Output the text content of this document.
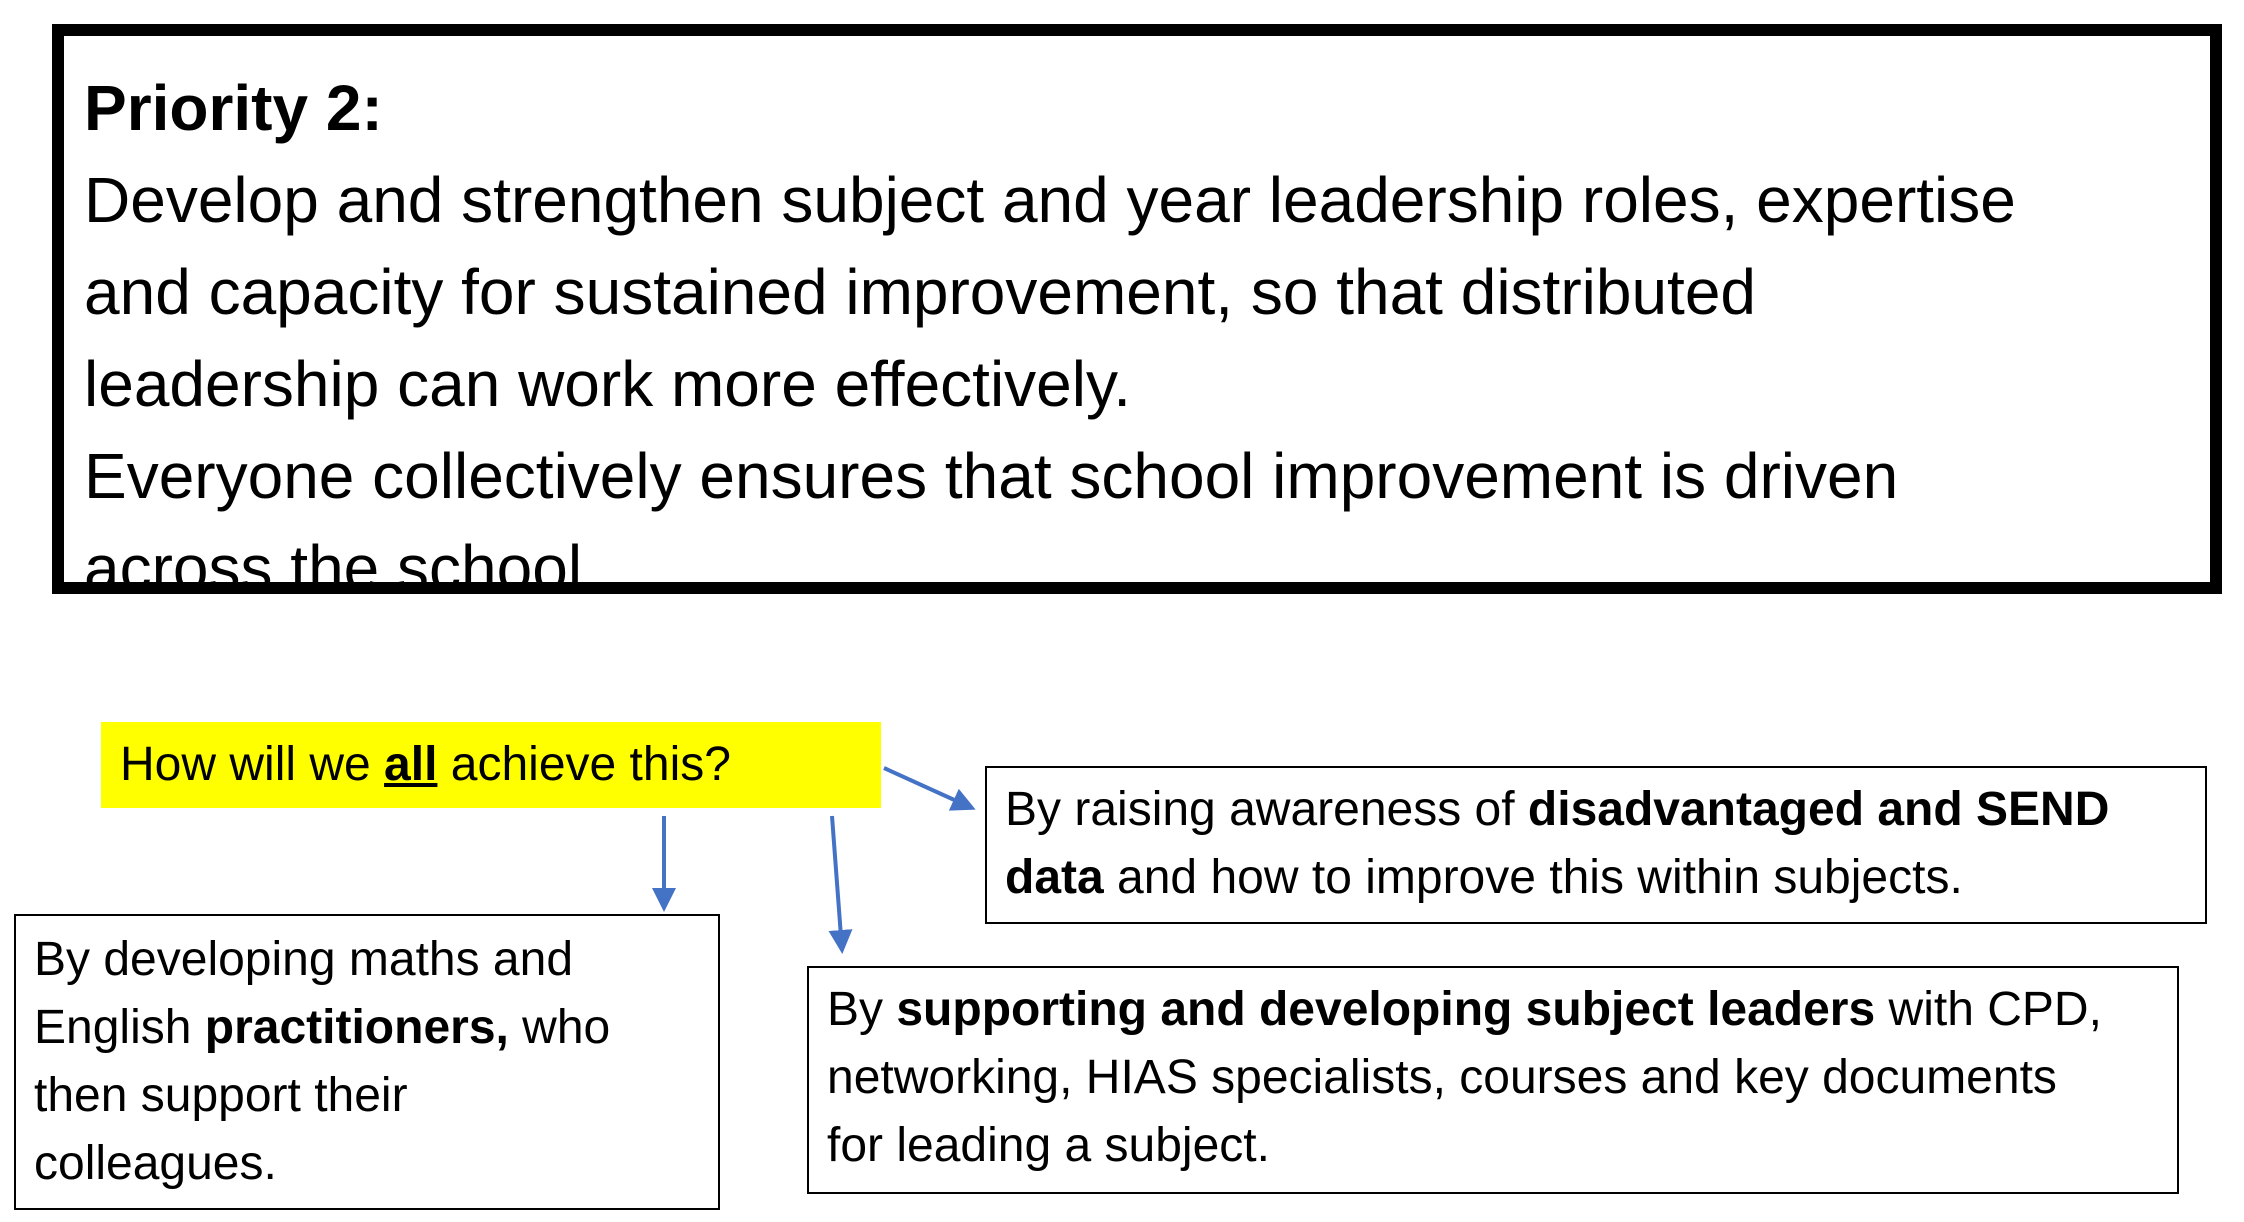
Priority 2:

Develop and strengthen subject and year leadership roles, expertise

and capacity for sustained improvement, so that distributed

leadership can work more effectively.

Everyone collectively ensures that school improvement is driven

across the school.

How will we all achieve this?
By raising awareness of disadvantaged and SEND
data and how to improve this within subjects.
By developing maths and
English practitioners, who
then support their
colleagues.
By supporting and developing subject leaders with CPD,
networking, HIAS specialists, courses and key documents
for leading a subject.
